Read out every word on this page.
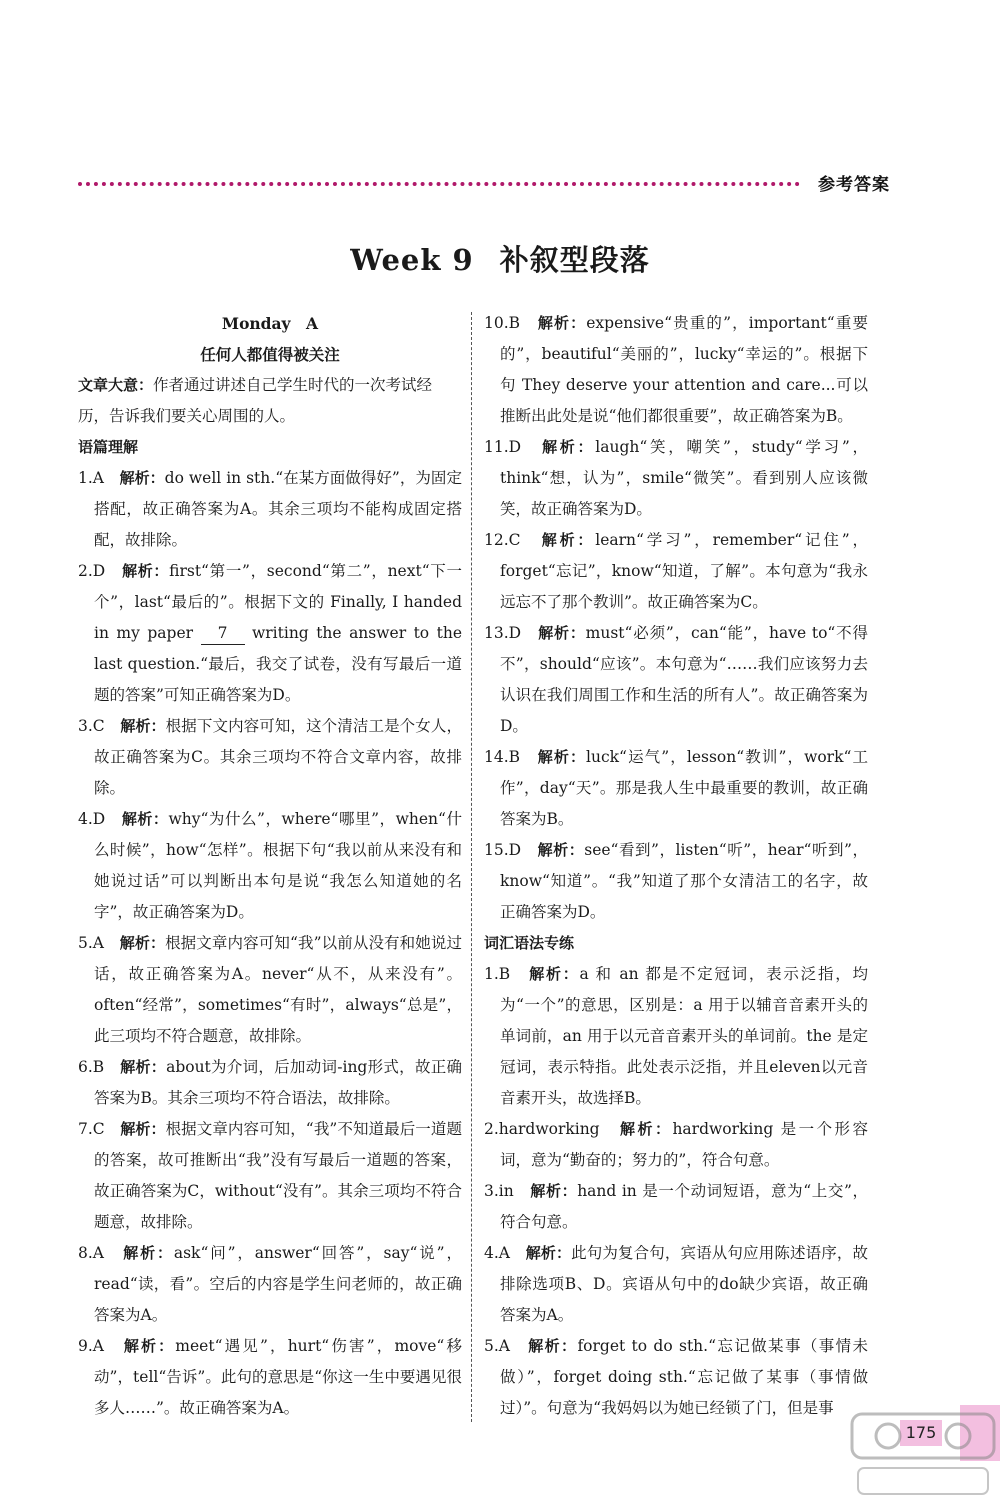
参考答案
Week 9 补叙型段落
Monday　A
任何人都值得被关注
文章大意：作者通过讲述自己学生时代的一次考试经历，告诉我们要关心周围的人。
语篇理解
1.A　 解析：do well in sth.“在某方面做得好”，为固定搭配，故正确答案为A。其余三项均不能构成固定搭配，故排除。
2.D　 解析：first“第一”，second“第二”，next“下一个”，last“最后的”。根据下文的 Finally, I handed in my paper 7 writing the answer to the last question.“最后，我交了试卷，没有写最后一道题的答案”可知正确答案为D。
3.C　 解析：根据下文内容可知，这个清洁工是个女人，故正确答案为C。其余三项均不符合文章内容，故排除。
4.D　 解析：why“为什么”，where“哪里”，when“什么时候”，how“怎样”。根据下句“我以前从来没有和她说过话”可以判断出本句是说“我怎么知道她的名字”，故正确答案为D。
5.A　 解析：根据文章内容可知“我”以前从没有和她说过话，故正确答案为A。never“从不，从来没有”。often“经常”，sometimes“有时”，always“总是”，此三项均不符合题意，故排除。
6.B　 解析：about为介词，后加动词-ing形式，故正确答案为B。其余三项均不符合语法，故排除。
7.C　 解析：根据文章内容可知，“我”不知道最后一道题的答案，故可推断出“我”没有写最后一道题的答案，故正确答案为C，without“没有”。其余三项均不符合题意，故排除。
8.A　 解析：ask“问”，answer“回答”，say“说”，read“读，看”。空后的内容是学生问老师的，故正确答案为A。
9.A　 解析：meet“遇见”，hurt“伤害”，move“移动”，tell“告诉”。此句的意思是“你这一生中要遇见很多人……”。故正确答案为A。
10.B　 解析：expensive“贵重的”，important“重要的”，beautiful“美丽的”，lucky“幸运的”。根据下句 They deserve your attention and care...可以推断出此处是说“他们都很重要”，故正确答案为B。
11.D　 解析：laugh“笑，嘲笑”，study“学习”，think“想，认为”，smile“微笑”。看到别人应该微笑，故正确答案为D。
12.C　 解析：learn“学习”，remember“记住”，forget“忘记”，know“知道，了解”。本句意为“我永远忘不了那个教训”。故正确答案为C。
13.D　 解析：must“必须”，can“能”，have to“不得不”，should“应该”。本句意为“……我们应该努力去认识在我们周围工作和生活的所有人”。故正确答案为D。
14.B　 解析：luck“运气”，lesson“教训”，work“工作”，day“天”。那是我人生中最重要的教训，故正确答案为B。
15.D　 解析：see“看到”，listen“听”，hear“听到”，know“知道”。“我”知道了那个女清洁工的名字，故正确答案为D。
词汇语法专练
1.B　 解析：a 和 an 都是不定冠词，表示泛指，均为“一个”的意思，区别是：a 用于以辅音音素开头的单词前，an 用于以元音音素开头的单词前。the 是定冠词，表示特指。此处表示泛指，并且eleven以元音音素开头，故选择B。
2.hardworking　 解析：hardworking 是一个形容词，意为“勤奋的；努力的”，符合句意。
3.in　 解析：hand in 是一个动词短语，意为“上交”，符合句意。
4.A　 解析：此句为复合句，宾语从句应用陈述语序，故排除选项B、D。宾语从句中的do缺少宾语，故正确答案为A。
5.A　 解析：forget to do sth.“忘记做某事（事情未做）”，forget doing sth.“忘记做了某事（事情做过）”。句意为“我妈妈以为她已经锁了门，但是事
175
